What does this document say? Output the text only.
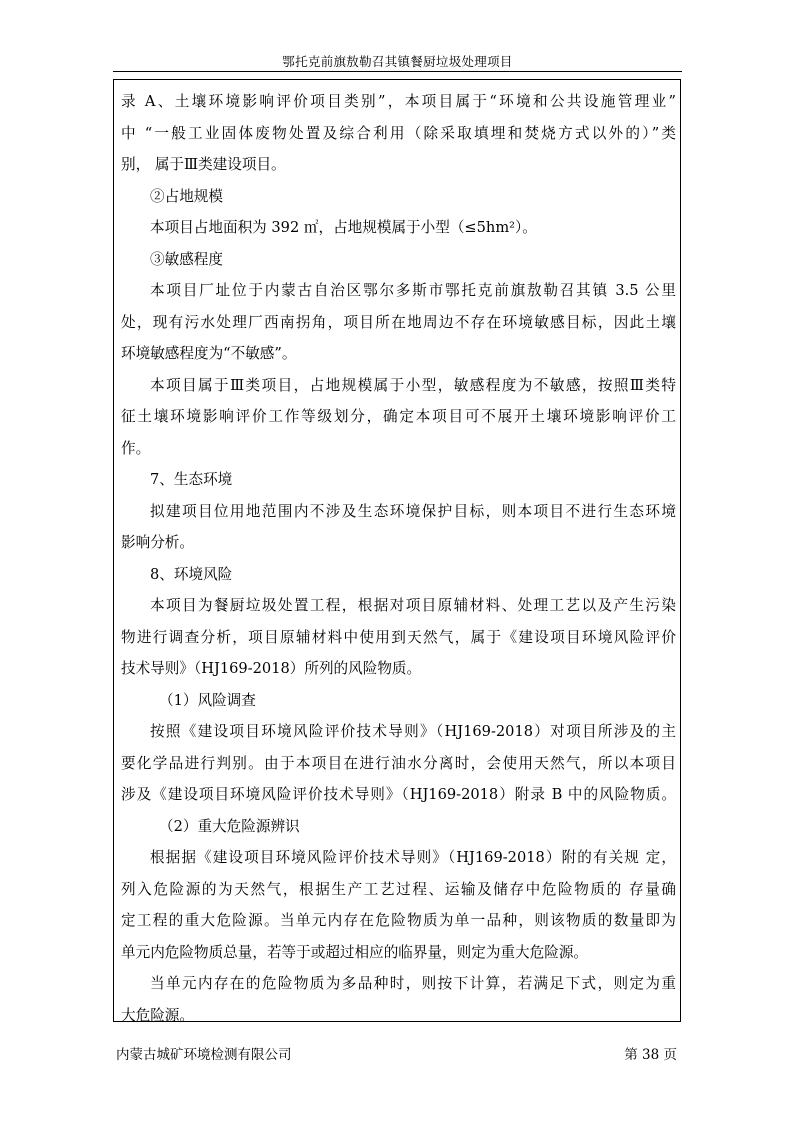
鄂托克前旗敖勒召其镇餐厨垃圾处理项目
录 A、土壤环境影响评价项目类别”，本项目属于“环境和公共设施管理业”
中 “一般工业固体废物处置及综合利用（除采取填埋和焚烧方式以外的）”类
别， 属于Ⅲ类建设项目。
②占地规模
本项目占地面积为 392 ㎡，占地规模属于小型（≤5hm²）。
③敏感程度
本项目厂址位于内蒙古自治区鄂尔多斯市鄂托克前旗敖勒召其镇 3.5 公里
处，现有污水处理厂西南拐角，项目所在地周边不存在环境敏感目标，因此土壤
环境敏感程度为“不敏感”。
本项目属于Ⅲ类项目，占地规模属于小型，敏感程度为不敏感，按照Ⅲ类特
征土壤环境影响评价工作等级划分，确定本项目可不展开土壤环境影响评价工
作。
7、生态环境
拟建项目位用地范围内不涉及生态环境保护目标，则本项目不进行生态环境
影响分析。
8、环境风险
本项目为餐厨垃圾处置工程，根据对项目原辅材料、处理工艺以及产生污染
物进行调查分析，项目原辅材料中使用到天然气，属于《建设项目环境风险评价
技术导则》（HJ169-2018）所列的风险物质。
（1）风险调查
按照《建设项目环境风险评价技术导则》（HJ169-2018）对项目所涉及的主
要化学品进行判别。由于本项目在进行油水分离时，会使用天然气，所以本项目
涉及《建设项目环境风险评价技术导则》（HJ169-2018）附录 B 中的风险物质。
（2）重大危险源辨识
根据据《建设项目环境风险评价技术导则》（HJ169-2018）附的有关规 定，
列入危险源的为天然气，根据生产工艺过程、运输及储存中危险物质的 存量确
定工程的重大危险源。当单元内存在危险物质为单一品种，则该物质的数量即为
单元内危险物质总量，若等于或超过相应的临界量，则定为重大危险源。
当单元内存在的危险物质为多品种时，则按下计算，若满足下式，则定为重
大危险源。
内蒙古城矿环境检测有限公司	第 38 页
